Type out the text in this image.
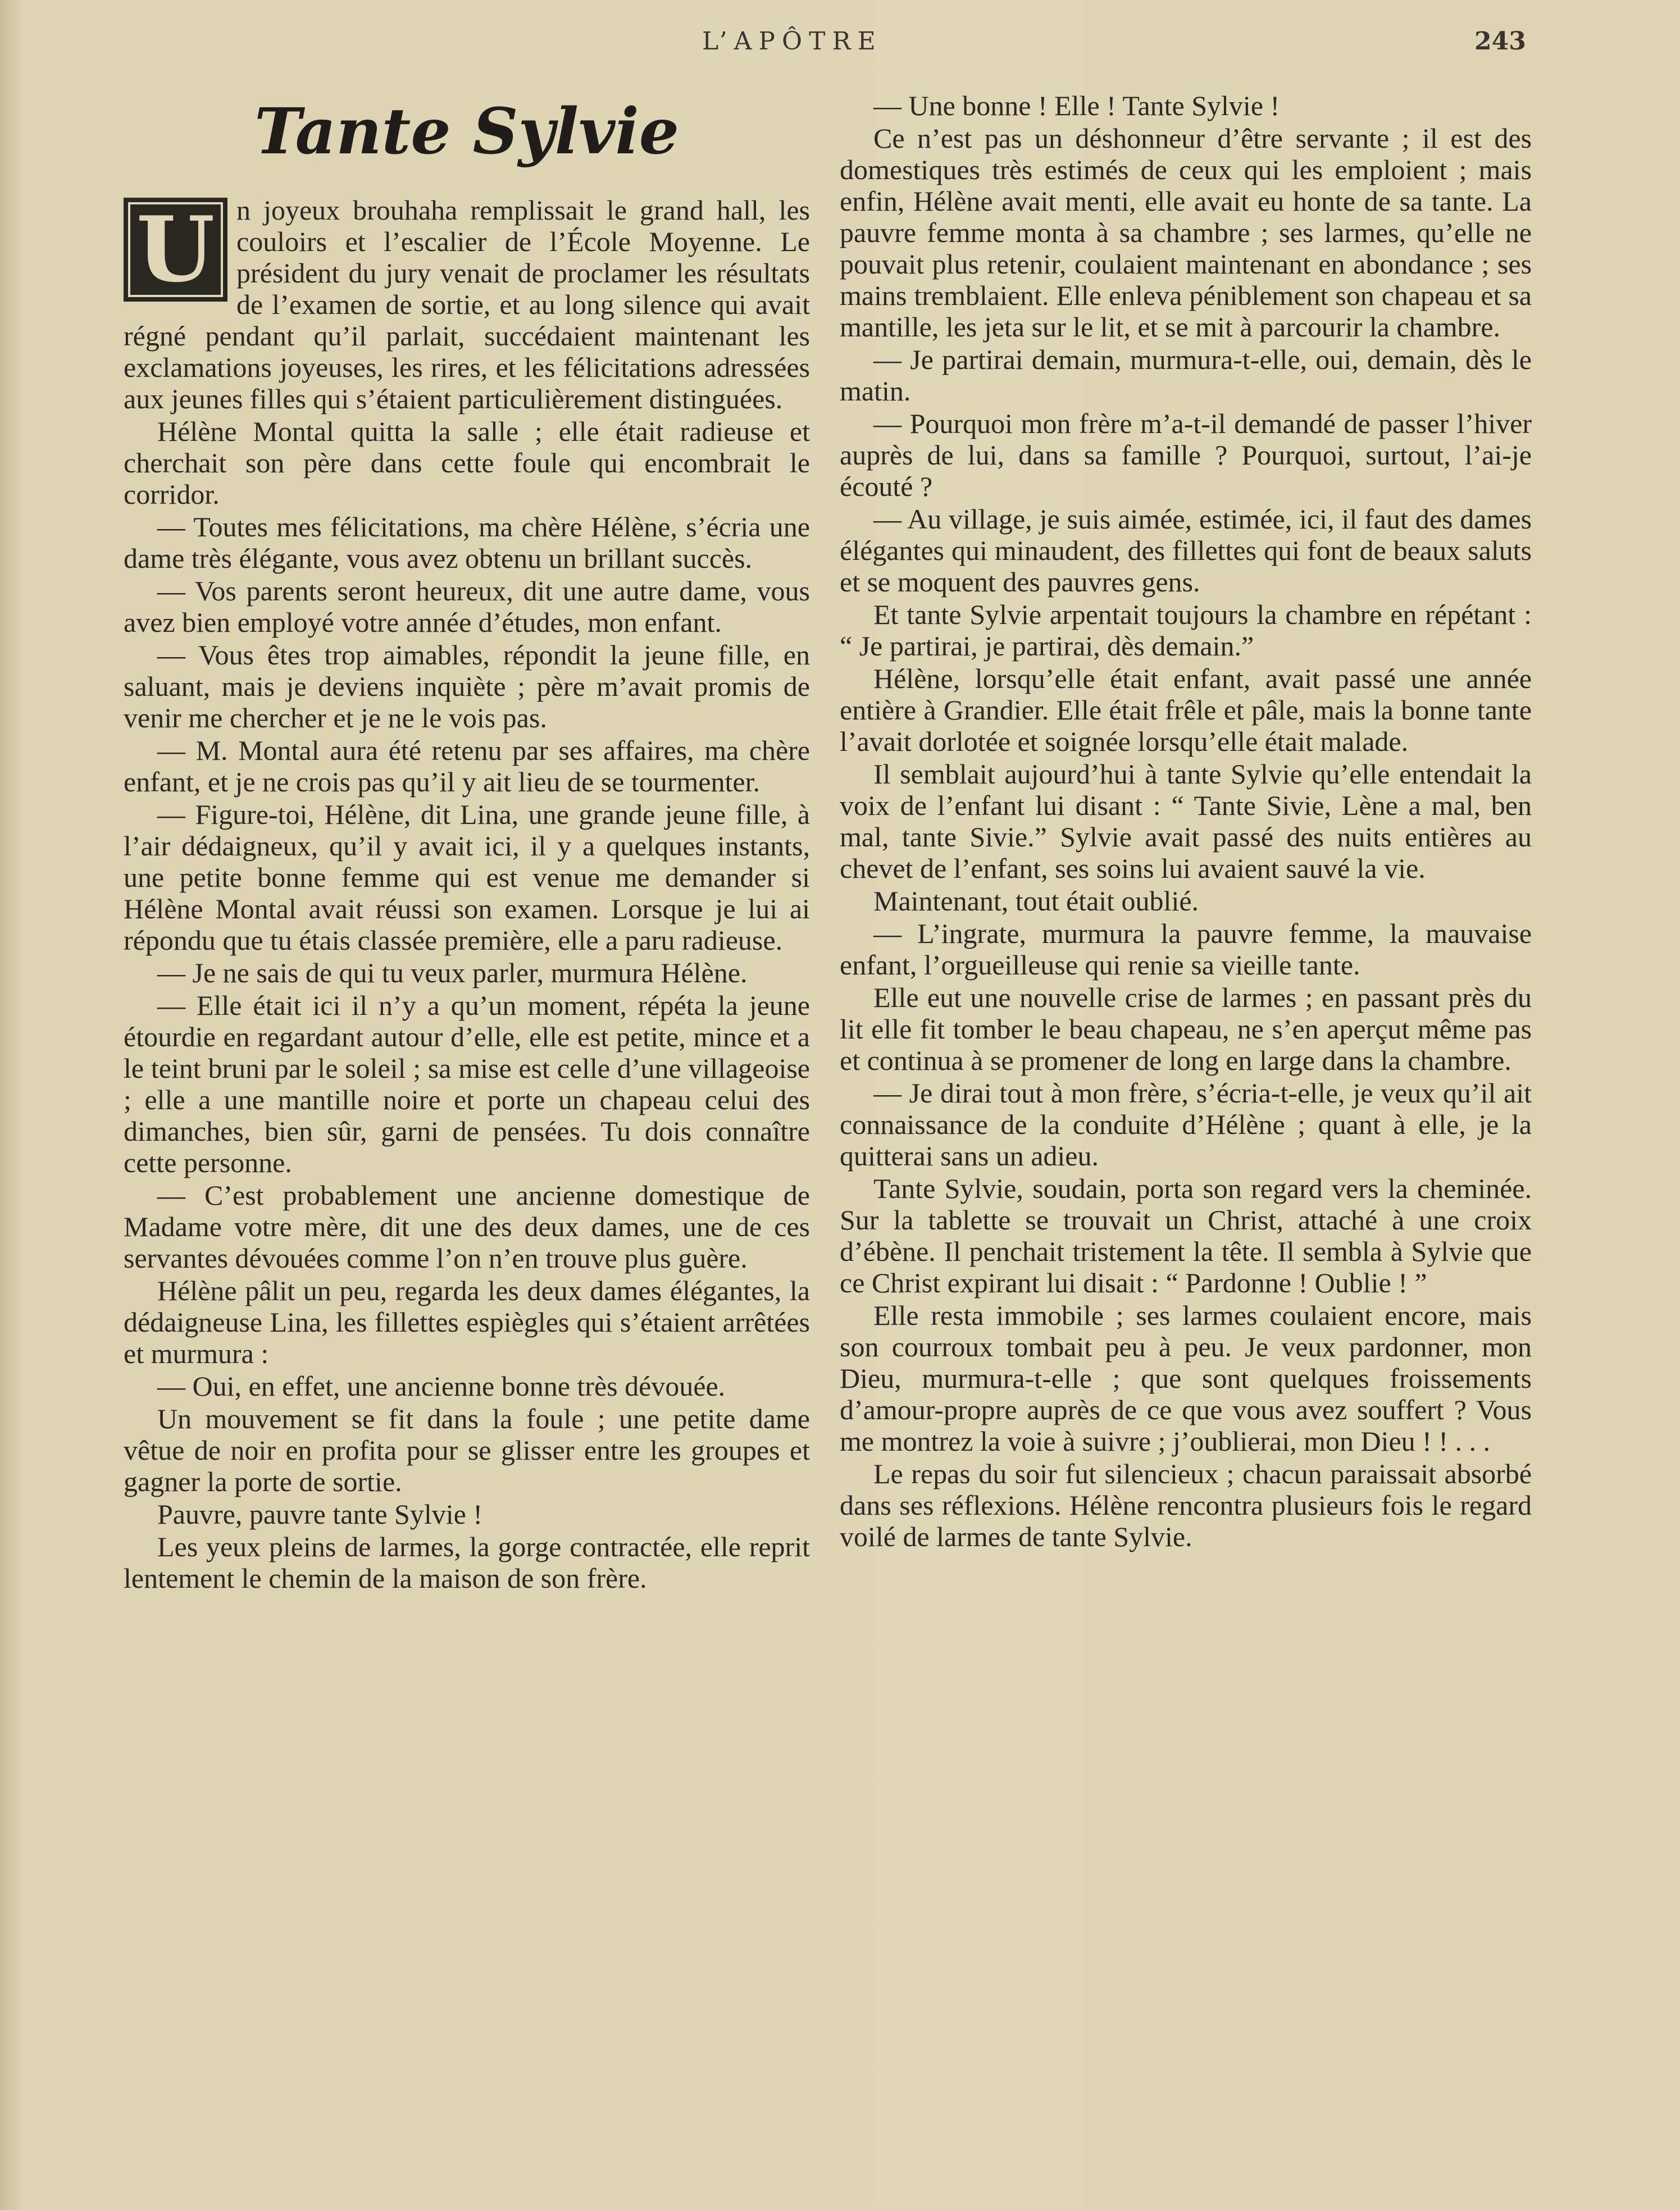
L’APÔTRE	243
Tante Sylvie

U n joyeux brouhaha remplissait le grand hall, les couloirs et l’escalier de l’École Moyenne. Le président du jury venait de proclamer les résultats de l’examen de sortie, et au long silence qui avait régné pendant qu’il parlait, succédaient maintenant les exclamations joyeuses, les rires, et les félicitations adressées aux jeunes filles qui s’étaient particulièrement distinguées.

Hélène Montal quitta la salle ; elle était radieuse et cherchait son père dans cette foule qui encombrait le corridor.

— Toutes mes félicitations, ma chère Hélène, s’écria une dame très élégante, vous avez obtenu un brillant succès.

— Vos parents seront heureux, dit une autre dame, vous avez bien employé votre année d’études, mon enfant.

— Vous êtes trop aimables, répondit la jeune fille, en saluant, mais je deviens inquiète ; père m’avait promis de venir me chercher et je ne le vois pas.

— M. Montal aura été retenu par ses affaires, ma chère enfant, et je ne crois pas qu’il y ait lieu de se tourmenter.

— Figure-toi, Hélène, dit Lina, une grande jeune fille, à l’air dédaigneux, qu’il y avait ici, il y a quelques instants, une petite bonne femme qui est venue me demander si Hélène Montal avait réussi son examen. Lorsque je lui ai répondu que tu étais classée première, elle a paru radieuse.

— Je ne sais de qui tu veux parler, murmura Hélène.

— Elle était ici il n’y a qu’un moment, répéta la jeune étourdie en regardant autour d’elle, elle est petite, mince et a le teint bruni par le soleil ; sa mise est celle d’une villageoise ; elle a une mantille noire et porte un chapeau celui des dimanches, bien sûr, garni de pensées. Tu dois connaître cette personne.

— C’est probablement une ancienne domestique de Madame votre mère, dit une des deux dames, une de ces servantes dévouées comme l’on n’en trouve plus guère.

Hélène pâlit un peu, regarda les deux dames élégantes, la dédaigneuse Lina, les fillettes espiègles qui s’étaient arrêtées et murmura :

— Oui, en effet, une ancienne bonne très dévouée.

Un mouvement se fit dans la foule ; une petite dame vêtue de noir en profita pour se glisser entre les groupes et gagner la porte de sortie.

Pauvre, pauvre tante Sylvie !

Les yeux pleins de larmes, la gorge contractée, elle reprit lentement le chemin de la maison de son frère.

— Une bonne ! Elle ! Tante Sylvie !

Ce n’est pas un déshonneur d’être servante ; il est des domestiques très estimés de ceux qui les emploient ; mais enfin, Hélène avait menti, elle avait eu honte de sa tante. La pauvre femme monta à sa chambre ; ses larmes, qu’elle ne pouvait plus retenir, coulaient maintenant en abondance ; ses mains tremblaient. Elle enleva péniblement son chapeau et sa mantille, les jeta sur le lit, et se mit à parcourir la chambre.

— Je partirai demain, murmura-t-elle, oui, demain, dès le matin.

— Pourquoi mon frère m’a-t-il demandé de passer l’hiver auprès de lui, dans sa famille ? Pourquoi, surtout, l’ai-je écouté ?

— Au village, je suis aimée, estimée, ici, il faut des dames élégantes qui minaudent, des fillettes qui font de beaux saluts et se moquent des pauvres gens.

Et tante Sylvie arpentait toujours la chambre en répétant : “ Je partirai, je partirai, dès demain.”

Hélène, lorsqu’elle était enfant, avait passé une année entière à Grandier. Elle était frêle et pâle, mais la bonne tante l’avait dorlotée et soignée lorsqu’elle était malade.

Il semblait aujourd’hui à tante Sylvie qu’elle entendait la voix de l’enfant lui disant : “ Tante Sivie, Lène a mal, ben mal, tante Sivie.” Sylvie avait passé des nuits entières au chevet de l’enfant, ses soins lui avaient sauvé la vie.

Maintenant, tout était oublié.

— L’ingrate, murmura la pauvre femme, la mauvaise enfant, l’orgueilleuse qui renie sa vieille tante.

Elle eut une nouvelle crise de larmes ; en passant près du lit elle fit tomber le beau chapeau, ne s’en aperçut même pas et continua à se promener de long en large dans la chambre.

— Je dirai tout à mon frère, s’écria-t-elle, je veux qu’il ait connaissance de la conduite d’Hélène ; quant à elle, je la quitterai sans un adieu.

Tante Sylvie, soudain, porta son regard vers la cheminée. Sur la tablette se trouvait un Christ, attaché à une croix d’ébène. Il penchait tristement la tête. Il sembla à Sylvie que ce Christ expirant lui disait : “ Pardonne ! Oublie ! ”

Elle resta immobile ; ses larmes coulaient encore, mais son courroux tombait peu à peu. Je veux pardonner, mon Dieu, murmura-t-elle ; que sont quelques froissements d’amour-propre auprès de ce que vous avez souffert ? Vous me montrez la voie à suivre ; j’oublierai, mon Dieu ! ! . . .

Le repas du soir fut silencieux ; chacun paraissait absorbé dans ses réflexions. Hélène rencontra plusieurs fois le regard voilé de larmes de tante Sylvie.
